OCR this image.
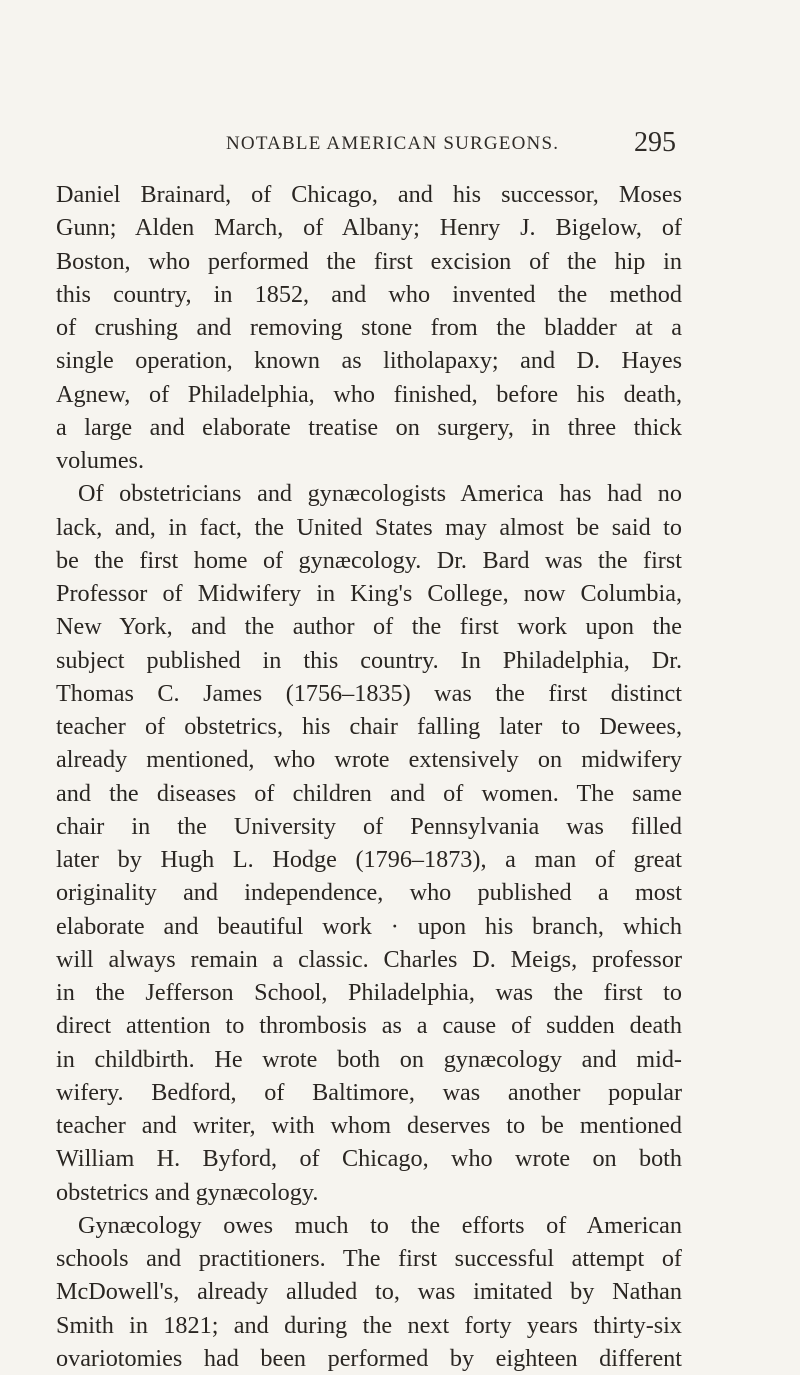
NOTABLE AMERICAN SURGEONS.	295
Daniel Brainard, of Chicago, and his successor, Moses
Gunn; Alden March, of Albany; Henry J. Bigelow, of
Boston, who performed the first excision of the hip in
this country, in 1852, and who invented the method
of crushing and removing stone from the bladder at a
single operation, known as litholapaxy; and D. Hayes
Agnew, of Philadelphia, who finished, before his death,
a large and elaborate treatise on surgery, in three thick
volumes.
Of obstetricians and gynæcologists America has had no
lack, and, in fact, the United States may almost be said to
be the first home of gynæcology. Dr. Bard was the first
Professor of Midwifery in King's College, now Columbia,
New York, and the author of the first work upon the
subject published in this country. In Philadelphia, Dr.
Thomas C. James (1756–1835) was the first distinct
teacher of obstetrics, his chair falling later to Dewees,
already mentioned, who wrote extensively on midwifery
and the diseases of children and of women. The same
chair in the University of Pennsylvania was filled
later by Hugh L. Hodge (1796–1873), a man of great
originality and independence, who published a most
elaborate and beautiful work · upon his branch, which
will always remain a classic. Charles D. Meigs, professor
in the Jefferson School, Philadelphia, was the first to
direct attention to thrombosis as a cause of sudden death
in childbirth. He wrote both on gynæcology and mid-
wifery. Bedford, of Baltimore, was another popular
teacher and writer, with whom deserves to be mentioned
William H. Byford, of Chicago, who wrote on both
obstetrics and gynæcology.
Gynæcology owes much to the efforts of American
schools and practitioners. The first successful attempt of
McDowell's, already alluded to, was imitated by Nathan
Smith in 1821; and during the next forty years thirty-six
ovariotomies had been performed by eighteen different
